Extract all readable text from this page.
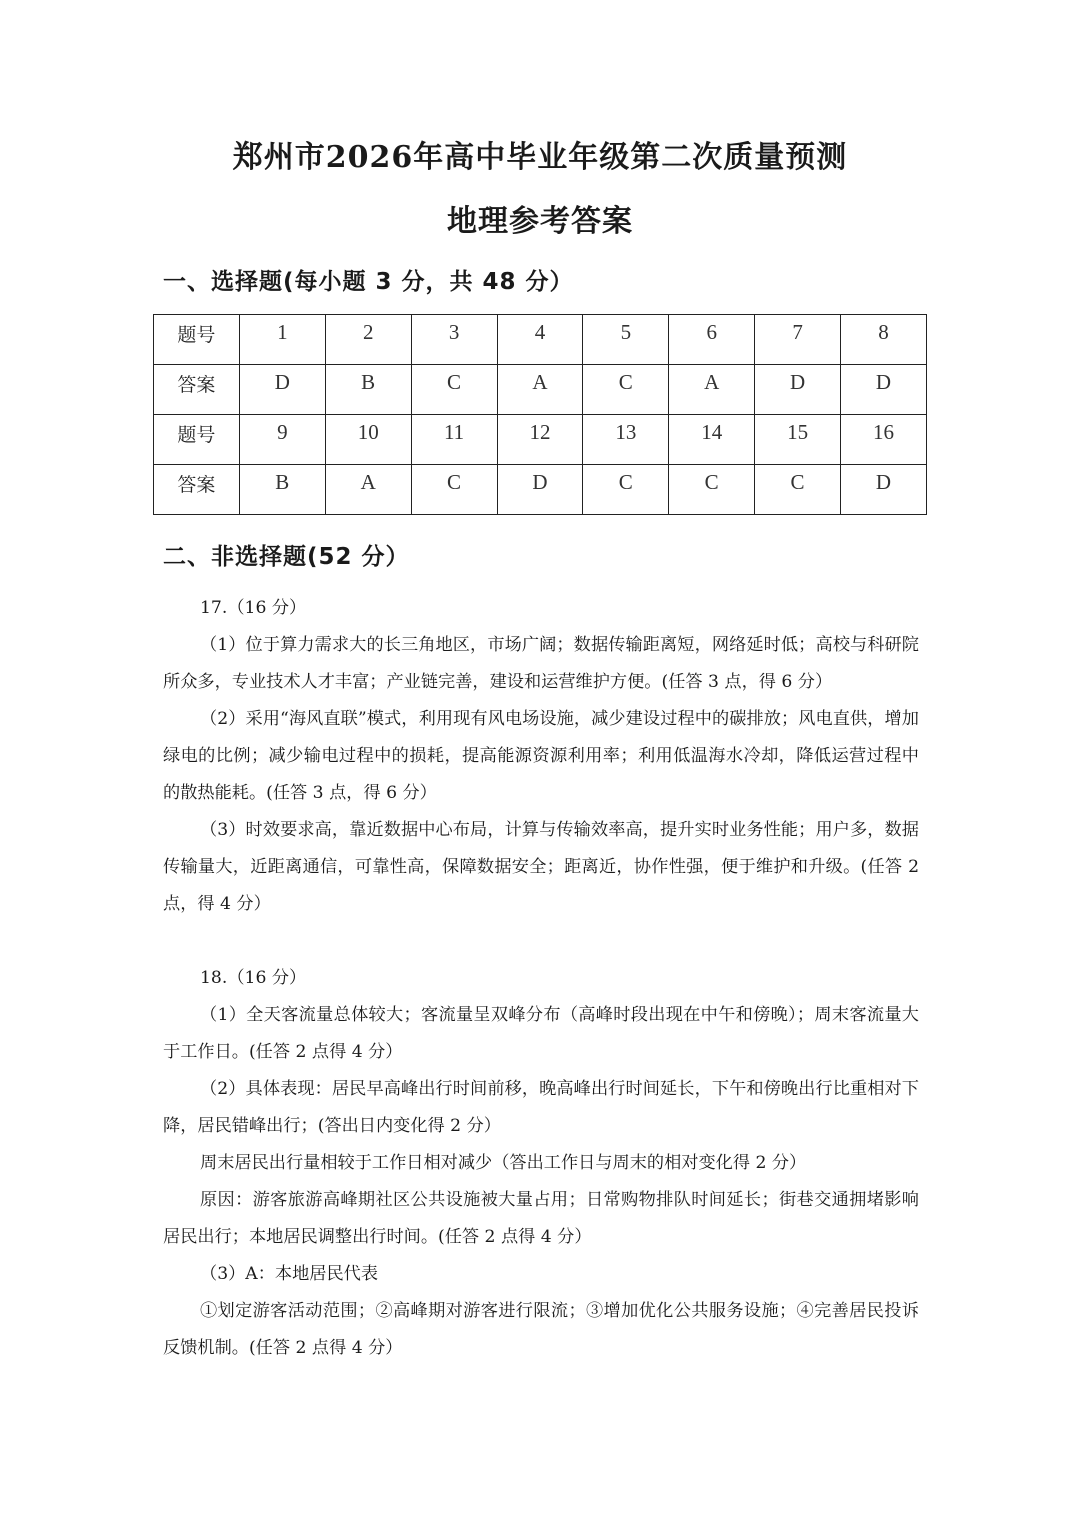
郑州市2026年高中毕业年级第二次质量预测
地理参考答案
一、选择题(每小题 3 分，共 48 分）
题号	1	2	3	4	5	6	7	8
答案	D	B	C	A	C	A	D	D
题号	9	10	11	12	13	14	15	16
答案	B	A	C	D	C	C	C	D
二、非选择题(52 分）

17.（16 分）

（1）位于算力需求大的长三角地区，市场广阔；数据传输距离短，网络延时低；高校与科研院所众多，专业技术人才丰富；产业链完善，建设和运营维护方便。(任答 3 点，得 6 分）

（2）采用“海风直联”模式，利用现有风电场设施，减少建设过程中的碳排放；风电直供，增加绿电的比例；减少输电过程中的损耗，提高能源资源利用率；利用低温海水冷却，降低运营过程中的散热能耗。(任答 3 点，得 6 分）

（3）时效要求高，靠近数据中心布局，计算与传输效率高，提升实时业务性能；用户多，数据传输量大，近距离通信，可靠性高，保障数据安全；距离近，协作性强，便于维护和升级。(任答 2 点，得 4 分）

18.（16 分）

（1）全天客流量总体较大；客流量呈双峰分布（高峰时段出现在中午和傍晚）；周末客流量大于工作日。(任答 2 点得 4 分）

（2）具体表现：居民早高峰出行时间前移，晚高峰出行时间延长，下午和傍晚出行比重相对下降，居民错峰出行；(答出日内变化得 2 分）

周末居民出行量相较于工作日相对减少（答出工作日与周末的相对变化得 2 分）

原因：游客旅游高峰期社区公共设施被大量占用；日常购物排队时间延长；街巷交通拥堵影响居民出行；本地居民调整出行时间。(任答 2 点得 4 分）

（3）A：本地居民代表

①划定游客活动范围；②高峰期对游客进行限流；③增加优化公共服务设施；④完善居民投诉反馈机制。(任答 2 点得 4 分）
